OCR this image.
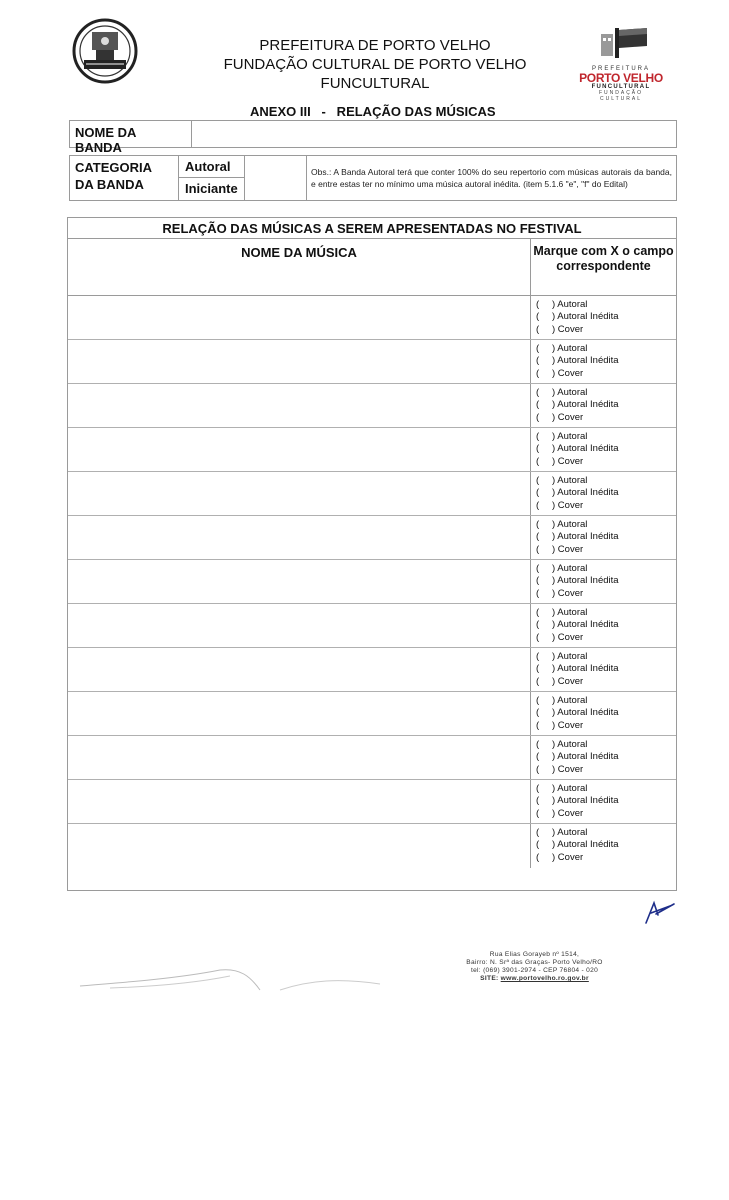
PREFEITURA DE PORTO VELHO
FUNDAÇÃO CULTURAL DE PORTO VELHO
FUNCULTURAL
PREFEITURA
PORTO VELHO
FUNCULTURAL
FUNDAÇÃO
CULTURAL
ANEXO III   -   RELAÇÃO DAS MÚSICAS
NOME DA BANDA
CATEGORIA
DA BANDA
Autoral
Iniciante
Obs.: A Banda Autoral terá que conter 100% do seu repertorio com músicas autorais da banda, e entre estas ter no mínimo uma música autoral inédita. (item 5.1.6 "e", "f" do Edital)
RELAÇÃO DAS MÚSICAS A SEREM APRESENTADAS NO FESTIVAL
NOME DA MÚSICA	Marque com X o campo
correspondente
( ) Autoral
( ) Autoral Inédita
( ) Cover
( ) Autoral
( ) Autoral Inédita
( ) Cover
( ) Autoral
( ) Autoral Inédita
( ) Cover
( ) Autoral
( ) Autoral Inédita
( ) Cover
( ) Autoral
( ) Autoral Inédita
( ) Cover
( ) Autoral
( ) Autoral Inédita
( ) Cover
( ) Autoral
( ) Autoral Inédita
( ) Cover
( ) Autoral
( ) Autoral Inédita
( ) Cover
( ) Autoral
( ) Autoral Inédita
( ) Cover
( ) Autoral
( ) Autoral Inédita
( ) Cover
( ) Autoral
( ) Autoral Inédita
( ) Cover
( ) Autoral
( ) Autoral Inédita
( ) Cover
( ) Autoral
( ) Autoral Inédita
( ) Cover
Rua Elias Gorayeb nº 1514,
Bairro: N. Srª das Graças- Porto Velho/RO
tel: (069) 3901-2974 - CEP 76804 - 020
SITE: www.portovelho.ro.gov.br
